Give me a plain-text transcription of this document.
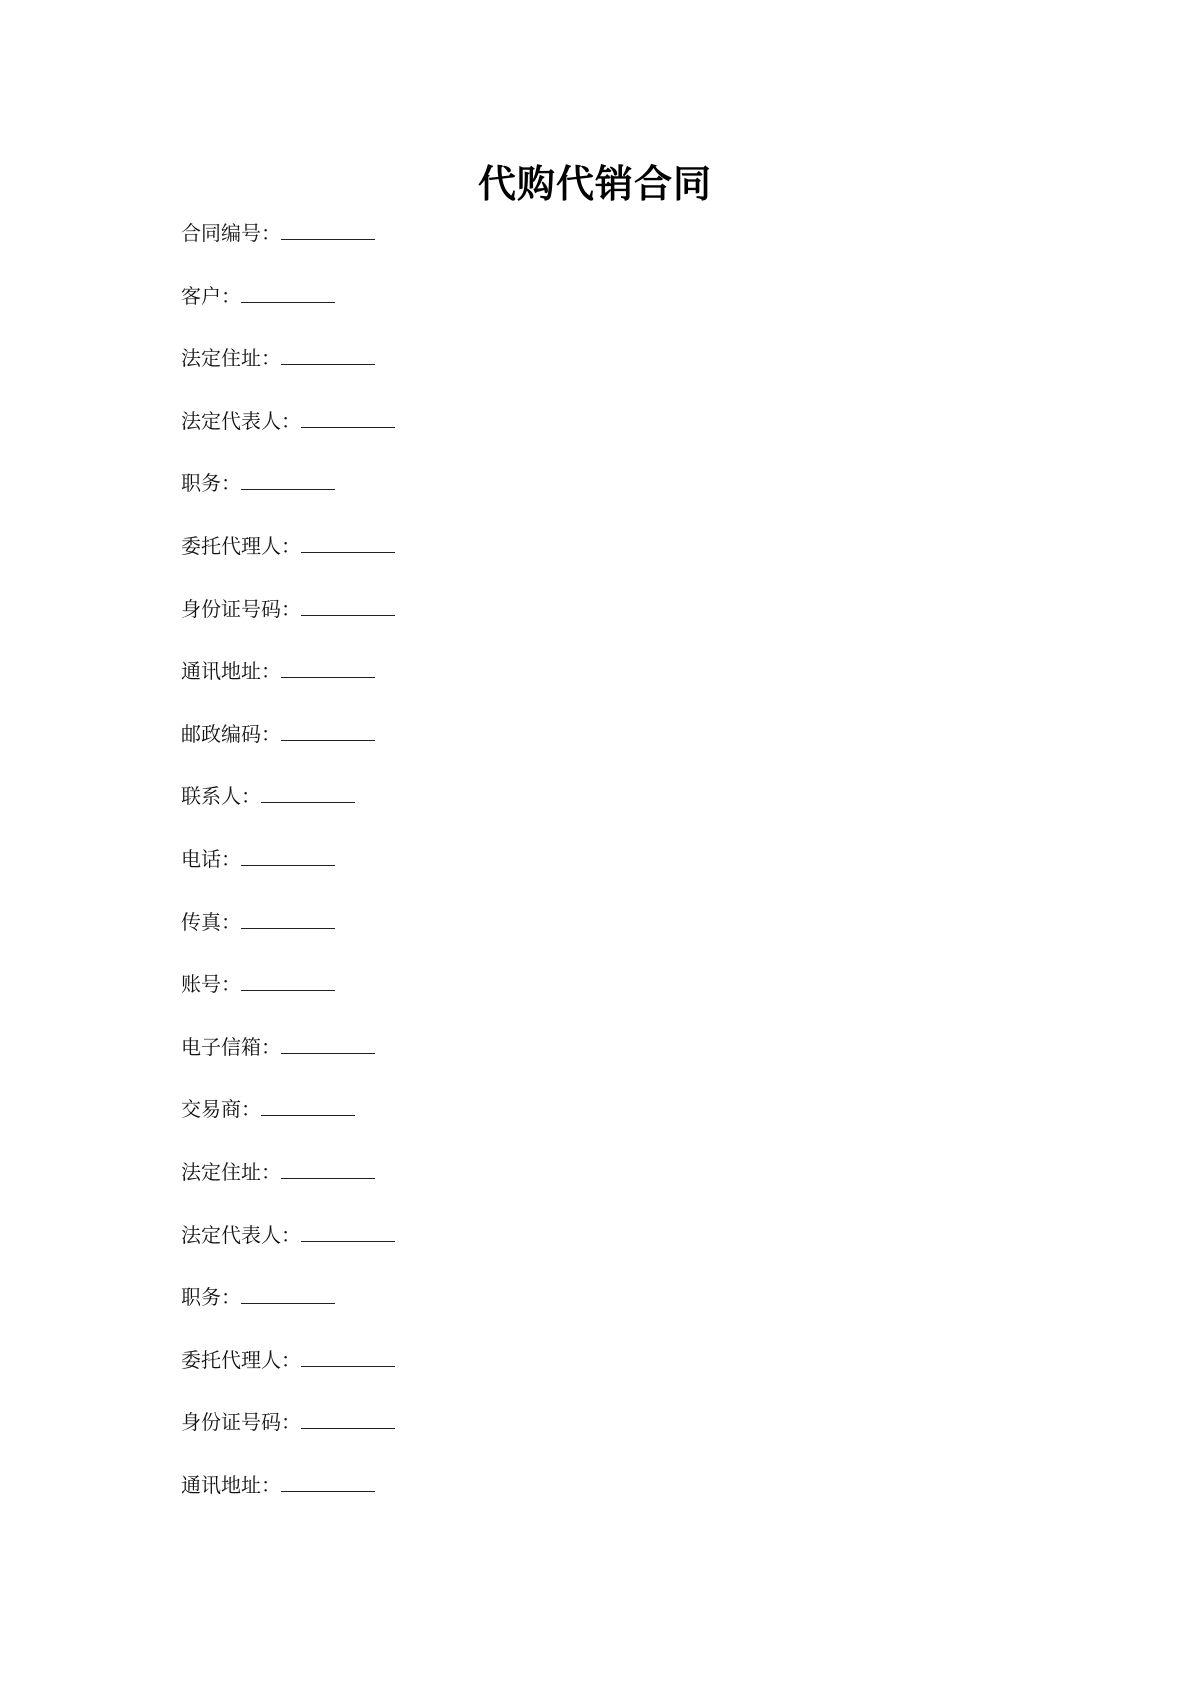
代购代销合同
合同编号：
客户：
法定住址：
法定代表人：
职务：
委托代理人：
身份证号码：
通讯地址：
邮政编码：
联系人：
电话：
传真：
账号：
电子信箱：
交易商：
法定住址：
法定代表人：
职务：
委托代理人：
身份证号码：
通讯地址：
